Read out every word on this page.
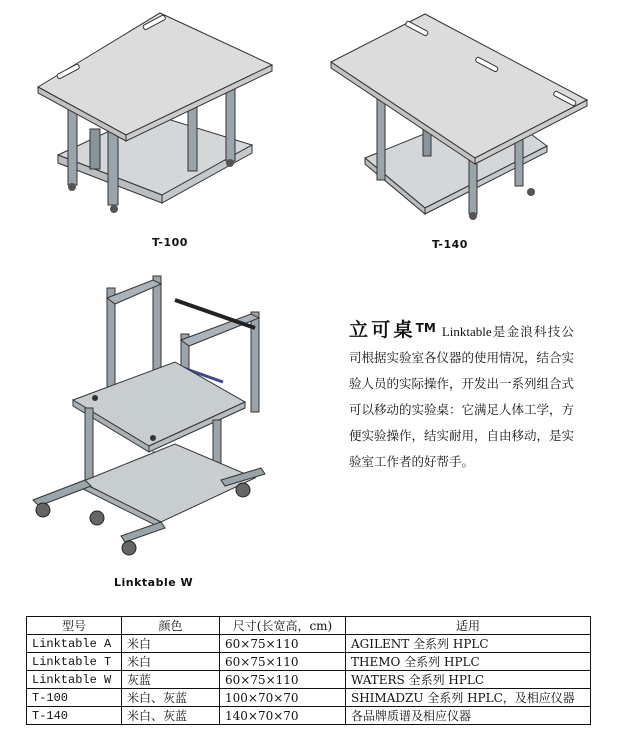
T-100	T-140
Linktable W
立可桌TM Linktable是金浪科技公司根据实验室各仪器的使用情况，结合实验人员的实际操作，开发出一系列组合式可以移动的实验桌：它满足人体工学，方便实验操作，结实耐用，自由移动，是实验室工作者的好帮手。
型号	颜色	尺寸(长宽高，cm)	适用
Linktable A	米白	60×75×110	AGILENT 全系列 HPLC
Linktable T	米白	60×75×110	THEMO 全系列 HPLC
Linktable W	灰蓝	60×75×110	WATERS 全系列 HPLC
T-100	米白、灰蓝	100×70×70	SHIMADZU 全系列 HPLC，及相应仪器
T-140	米白、灰蓝	140×70×70	各品牌质谱及相应仪器
